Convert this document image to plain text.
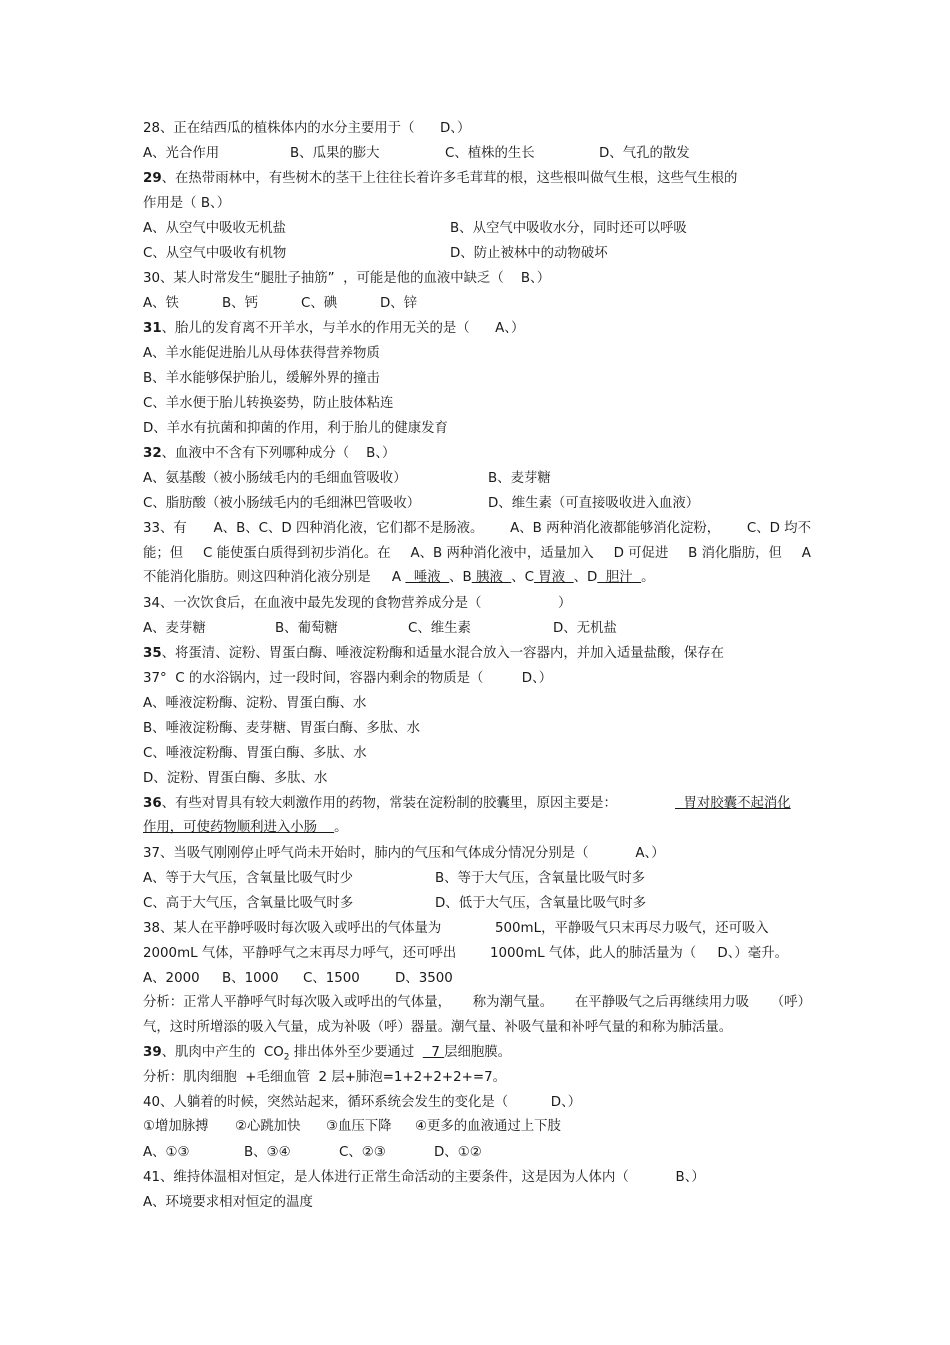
28、正在结西瓜的植株体内的水分主要用于（      D、）
A、光合作用	B、瓜果的膨大	C、植株的生长	D、气孔的散发
29、在热带雨林中，有些树木的茎干上往往长着许多毛茸茸的根，这些根叫做气生根，这些气生根的
作用是（ B、）
A、从空气中吸收无机盐	B、从空气中吸收水分，同时还可以呼吸
C、从空气中吸收有机物	D、防止被林中的动物破坏
30、某人时常发生“腿肚子抽筋”  ，可能是他的血液中缺乏（    B、）
A、铁	B、钙	C、碘	D、锌
31、胎儿的发育离不开羊水，与羊水的作用无关的是（      A、）
A、羊水能促进胎儿从母体获得营养物质
B、羊水能够保护胎儿，缓解外界的撞击
C、羊水便于胎儿转换姿势，防止肢体粘连
D、羊水有抗菌和抑菌的作用，利于胎儿的健康发育
32、血液中不含有下列哪种成分（    B、）
A、氨基酸（被小肠绒毛内的毛细血管吸收）	B、麦芽糖
C、脂肪酸（被小肠绒毛内的毛细淋巴管吸收）	D、维生素（可直接吸收进入血液）
33、有 A、B、C、D 四种消化液，它们都不是肠液。 A、B 两种消化液都能够消化淀粉， C、D 均不
能；但 C 能使蛋白质得到初步消化。在 A、B 两种消化液中，适量加入 D 可促进 B 消化脂肪，但 A
不能消化脂肪。则这四种消化液分别是     A   唾液  、B 胰液  、C 胃液  、D  胆汁  。
34、一次饮食后，在血液中最先发现的食物营养成分是（                  ）
A、麦芽糖	B、葡萄糖	C、维生素	D、无机盐
35、将蛋清、淀粉、胃蛋白酶、唾液淀粉酶和适量水混合放入一容器内，并加入适量盐酸，保存在
37°  C 的水浴锅内，过一段时间，容器内剩余的物质是（         D、）
A、唾液淀粉酶、淀粉、胃蛋白酶、水
B、唾液淀粉酶、麦芽糖、胃蛋白酶、多肽、水
C、唾液淀粉酶、胃蛋白酶、多肽、水
D、淀粉、胃蛋白酶、多肽、水
36、有些对胃具有较大刺激作用的药物，常装在淀粉制的胶囊里，原因主要是：	胃对胶囊不起消化
作用，可使药物顺利进入小肠    。
37、当吸气刚刚停止呼气尚未开始时，肺内的气压和气体成分情况分别是（           A、）
A、等于大气压，含氧量比吸气时少	B、等于大气压，含氧量比吸气时多
C、高于大气压，含氧量比吸气时多	D、低于大气压，含氧量比吸气时多
38、某人在平静呼吸时每次吸入或呼出的气体量为	500mL，平静吸气只末再尽力吸气，还可吸入
2000mL 气体，平静呼气之末再尽力呼气，还可呼出	1000mL 气体，此人的肺活量为（     D、）毫升。
A、2000 B、1000 C、1500	D、3500
分析：正常人平静呼气时每次吸入或呼出的气体量， 称为潮气量。 在平静吸气之后再继续用力吸 （呼）
气，这时所增添的吸入气量，成为补吸（呼）器量。潮气量、补吸气量和补呼气量的和称为肺活量。
39、肌肉中产生的 $CO_2$ 排出体外至少要通过    7 层细胞膜。
分析：肌肉细胞  +毛细血管  2 层+肺泡=1+2+2+2+=7。
40、人躺着的时候，突然站起来，循环系统会发生的变化是（          D、）
①增加脉搏 ②心跳加快 ③血压下降 ④更多的血液通过上下肢
A、①③	B、③④	C、②③	D、①②
41、维持体温相对恒定，是人体进行正常生命活动的主要条件，这是因为人体内（           B、）
A、环境要求相对恒定的温度
